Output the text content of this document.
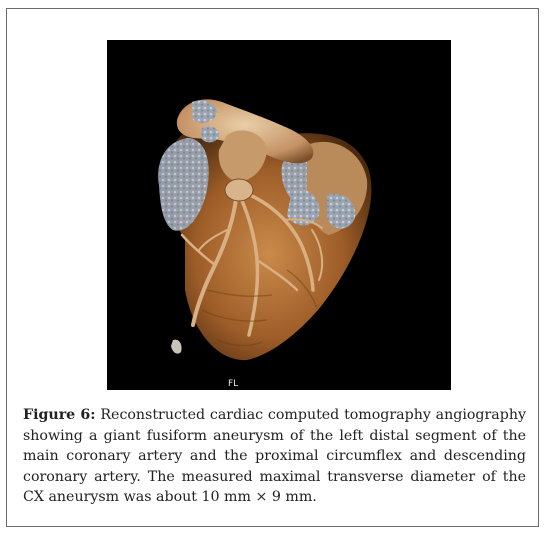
FL
Figure 6: Reconstructed cardiac computed tomography angiography showing a giant fusiform aneurysm of the left distal segment of the main coronary artery and the proximal circumflex and descending coronary artery. The measured maximal transverse diameter of the CX aneurysm was about 10 mm × 9 mm.
